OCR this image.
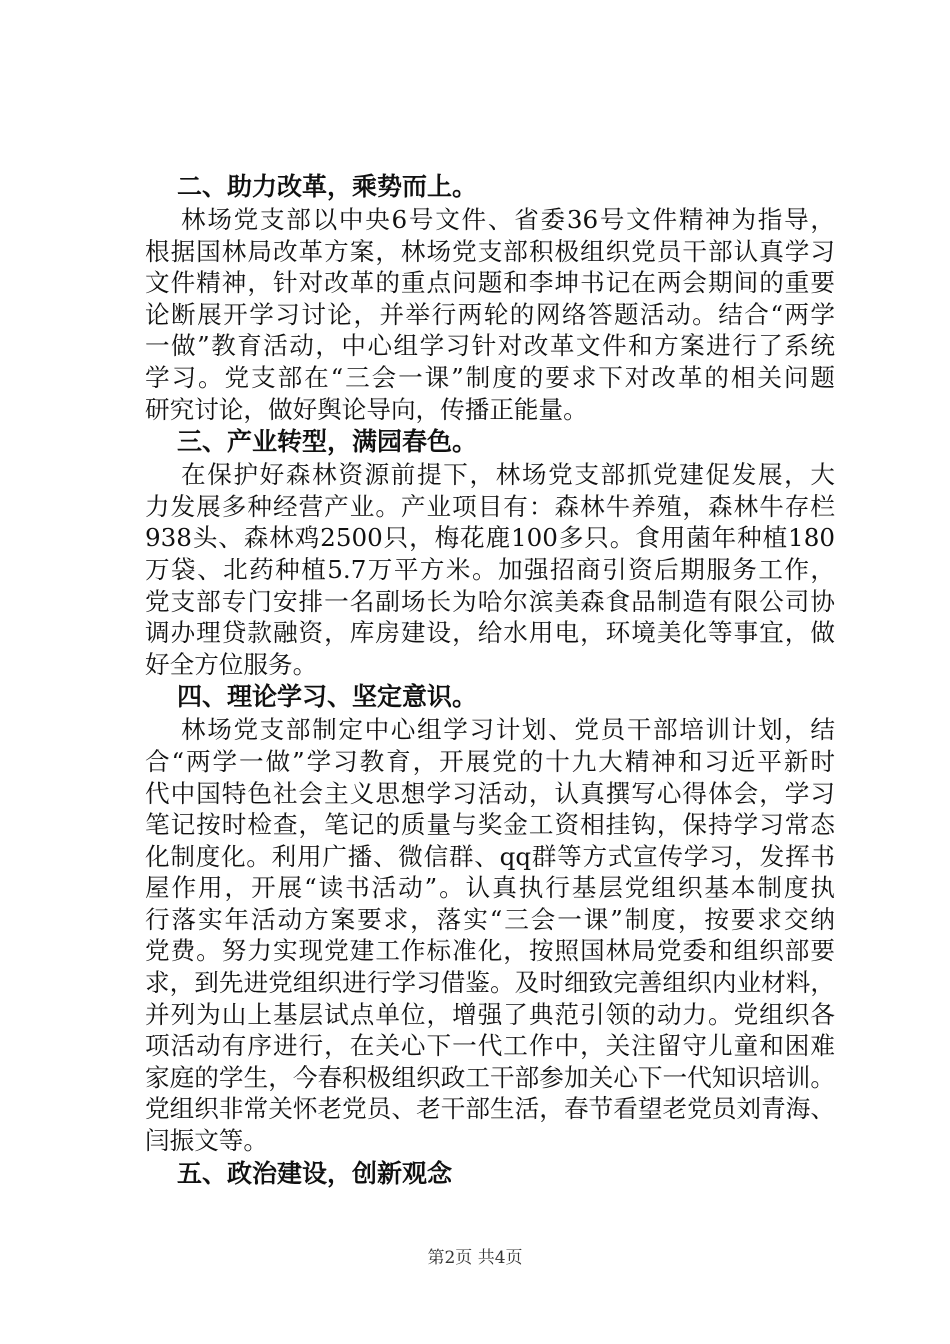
二、助力改革，乘势而上。
林场党支部以中央6号文件、省委36号文件精神为指导，
根据国林局改革方案，林场党支部积极组织党员干部认真学习
文件精神，针对改革的重点问题和李坤书记在两会期间的重要
论断展开学习讨论，并举行两轮的网络答题活动。结合“两学
一做”教育活动，中心组学习针对改革文件和方案进行了系统
学习。党支部在“三会一课”制度的要求下对改革的相关问题
研究讨论，做好舆论导向，传播正能量。
三、产业转型，满园春色。
在保护好森林资源前提下，林场党支部抓党建促发展，大
力发展多种经营产业。产业项目有：森林牛养殖，森林牛存栏
938头、森林鸡2500只，梅花鹿100多只。食用菌年种植180
万袋、北药种植5.7万平方米。加强招商引资后期服务工作，
党支部专门安排一名副场长为哈尔滨美森食品制造有限公司协
调办理贷款融资，库房建设，给水用电，环境美化等事宜，做
好全方位服务。
四、理论学习、坚定意识。
林场党支部制定中心组学习计划、党员干部培训计划，结
合“两学一做”学习教育，开展党的十九大精神和习近平新时
代中国特色社会主义思想学习活动，认真撰写心得体会，学习
笔记按时检查，笔记的质量与奖金工资相挂钩，保持学习常态
化制度化。利用广播、微信群、qq群等方式宣传学习，发挥书
屋作用，开展“读书活动”。认真执行基层党组织基本制度执
行落实年活动方案要求，落实“三会一课”制度，按要求交纳
党费。努力实现党建工作标准化，按照国林局党委和组织部要
求，到先进党组织进行学习借鉴。及时细致完善组织内业材料，
并列为山上基层试点单位，增强了典范引领的动力。党组织各
项活动有序进行，在关心下一代工作中，关注留守儿童和困难
家庭的学生，今春积极组织政工干部参加关心下一代知识培训。
党组织非常关怀老党员、老干部生活，春节看望老党员刘青海、
闫振文等。
五、政治建设，创新观念
第2页 共4页
